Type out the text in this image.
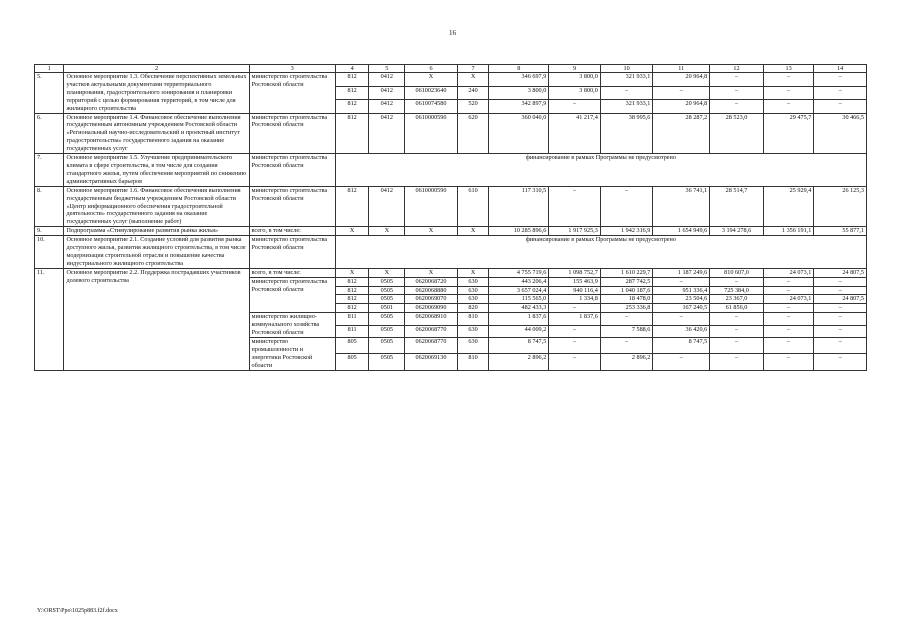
16
1	2	3	4	5	6	7	8	9	10	11	12	13	14
5.	Основное мероприятие 1.3. Обеспечение перспективных земельных участков актуальными документами территориального планирования, градостроительного зонирования и планировки территорий с целью формирования территорий, в том числе для жилищного строительства	министерство строительства Ростовской области	812	0412	X	X	346 697,9	3 800,0	321 933,1	20 964,8	–	–	–
			812	0412	0610023640	240	3 800,0	3 800,0	–	–	–	–	–
			812	0412	0610074580	520	342 897,9	–	321 933,1	20 964,8	–	–	–
6.	Основное мероприятие 1.4. Финансовое обеспечение выполнения государственным автономным учреждением Ростовской области «Региональный научно-исследовательский и проектный институт градостроительства» государственного задания на оказание государственных услуг	министерство строительства Ростовской области	812	0412	0610000590	620	360 040,0	41 217,4	38 995,6	28 287,2	28 523,0	29 475,7	30 466,5
7.	Основное мероприятие 1.5. Улучшение предпринимательского климата в сфере строительства, в том числе для создания стандартного жилья, путем обеспечения мероприятий по снижению административных барьеров	министерство строительства Ростовской области	финансирование в рамках Программы не предусмотрено										
8.	Основное мероприятие 1.6. Финансовое обеспечения выполнения государственным бюджетным учреждением Ростовской области «Центр информационного обеспечения градостроительной деятельности» государственного задания на оказание государственных услуг (выполнение работ)	министерство строительства Ростовской области	812	0412	0610000590	610	117 310,5	–	–	36 741,1	28 514,7	25 929,4	26 125,3
9.	Подпрограмма «Стимулирование развития рынка жилья»	всего, в том числе:	X	X	X	X	10 285 896,6	1 917 925,3	1 942 316,9	1 654 949,6	3 194 278,6	1 356 191,1	55 877,1
10.	Основное мероприятие 2.1. Создание условий для развития рынка доступного жилья, развития жилищного строительства, в том числе модернизация строительной отрасли и повышение качества индустриального жилищного строительства	министерство строительства Ростовской области	финансирование в рамках Программы не предусмотрено										
11.	Основное мероприятие 2.2. Поддержка пострадавших участников долевого строительства	всего, в том числе:	X	X	X	X	4 755 719,6	1 098 752,7	1 610 229,7	1 187 249,6	810 607,0	24 073,1	24 807,5
		министерство строительства Ростовской области	812	0505	0620068720	630	443 206,4	155 463,9	287 742,5	–	–	–	–
			812	0505	0620068880	630	3 657 024,4	940 116,4	1 040 187,6	951 336,4	725 384,0	–	–
			812	0505	0620069070	630	115 565,0	1 334,8	18 478,0	23 504,6	23 367,0	24 073,1	24 807,5
			812	0501	0620069090	820	482 433,3	–	253 336,8	167 240,5	61 856,0	–	–
		министерство жилищно-коммунального хозяйства Ростовской области	811	0505	0620068910	810	1 837,6	1 837,6	–	–	–	–	–
			811	0505	0620068770	630	44 009,2	–	7 588,6	36 420,6	–	–	–
		министерство промышленности и энергетики Ростовской области	805	0505	0620068770	630	8 747,5	–	–	8 747,5	–	–	–
			805	0505	0620069130	810	2 896,2	–	2 896,2	–	–	–	–
Y:\ORST\Ppo\1025p883.f2f.docx
